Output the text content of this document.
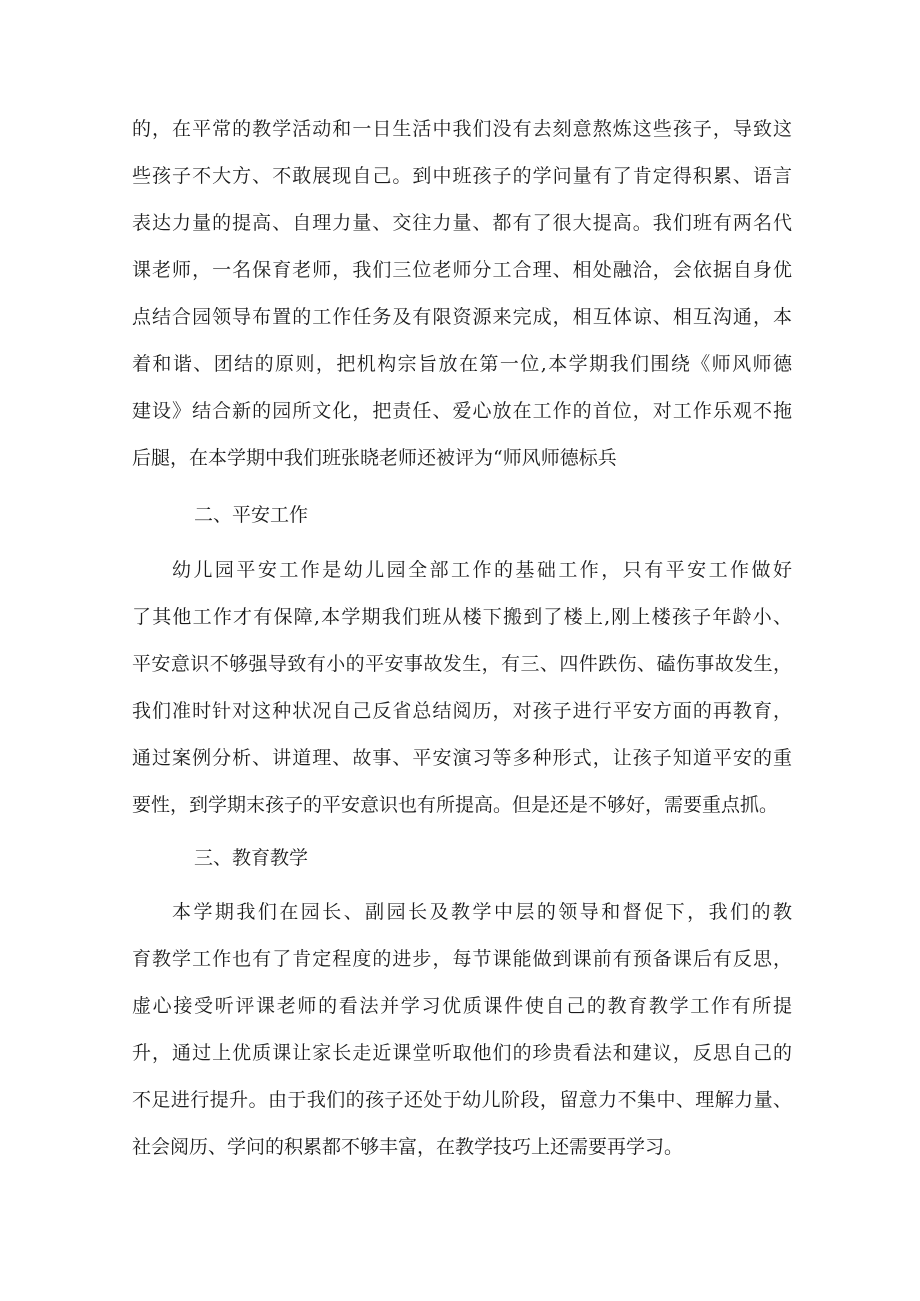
的，在平常的教学活动和一日生活中我们没有去刻意熬炼这些孩子，导致这
些孩子不大方、不敢展现自己。到中班孩子的学问量有了肯定得积累、语言
表达力量的提高、自理力量、交往力量、都有了很大提高。我们班有两名代
课老师，一名保育老师，我们三位老师分工合理、相处融洽，会依据自身优
点结合园领导布置的工作任务及有限资源来完成，相互体谅、相互沟通，本
着和谐、团结的原则，把机构宗旨放在第一位,本学期我们围绕《师风师德
建设》结合新的园所文化，把责任、爱心放在工作的首位，对工作乐观不拖
后腿，在本学期中我们班张晓老师还被评为“师风师德标兵
二、平安工作
幼儿园平安工作是幼儿园全部工作的基础工作，只有平安工作做好
了其他工作才有保障,本学期我们班从楼下搬到了楼上,刚上楼孩子年龄小、
平安意识不够强导致有小的平安事故发生，有三、四件跌伤、磕伤事故发生，
我们准时针对这种状况自己反省总结阅历，对孩子进行平安方面的再教育，
通过案例分析、讲道理、故事、平安演习等多种形式，让孩子知道平安的重
要性，到学期末孩子的平安意识也有所提高。但是还是不够好，需要重点抓。
三、教育教学
本学期我们在园长、副园长及教学中层的领导和督促下，我们的教
育教学工作也有了肯定程度的进步，每节课能做到课前有预备课后有反思，
虚心接受听评课老师的看法并学习优质课件使自己的教育教学工作有所提
升，通过上优质课让家长走近课堂听取他们的珍贵看法和建议，反思自己的
不足进行提升。由于我们的孩子还处于幼儿阶段，留意力不集中、理解力量、
社会阅历、学问的积累都不够丰富，在教学技巧上还需要再学习。
